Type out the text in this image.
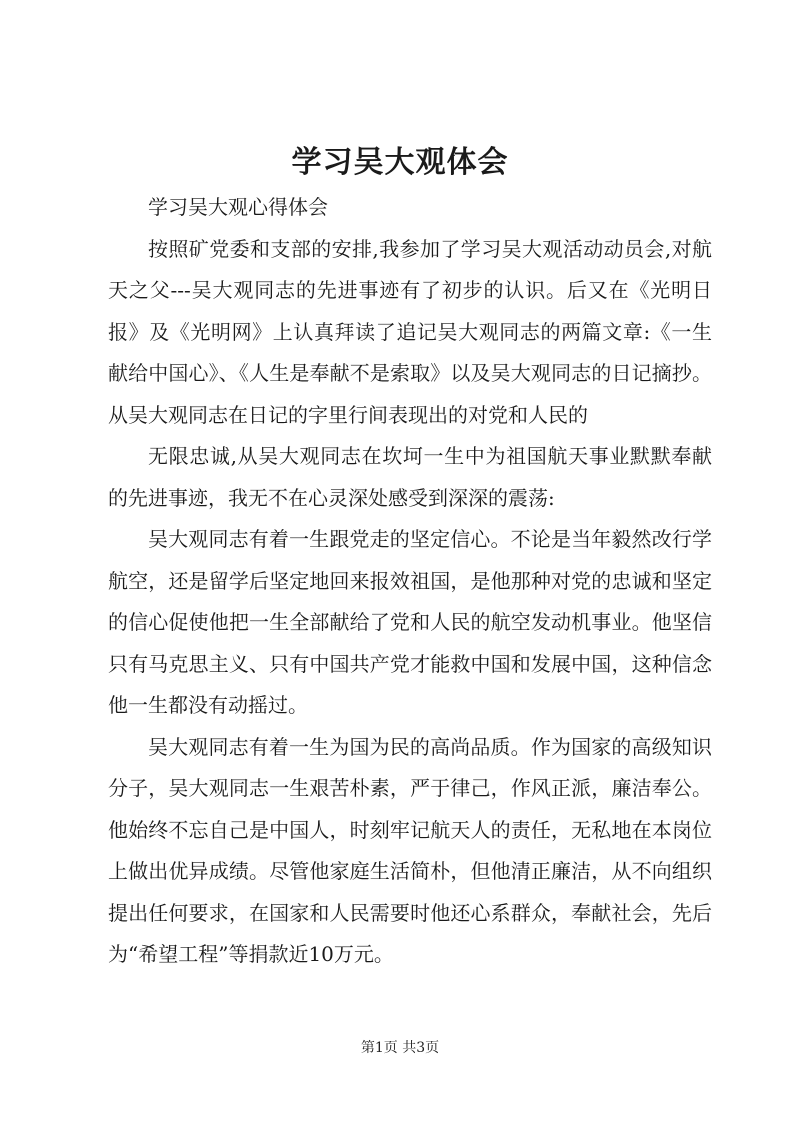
学习吴大观体会

学习吴大观心得体会

按照矿党委和支部的安排,我参加了学习吴大观活动动员会,对航天之父---吴大观同志的先进事迹有了初步的认识。后又在《光明日报》及《光明网》上认真拜读了追记吴大观同志的两篇文章:《一生献给中国心》、《人生是奉献不是索取》以及吴大观同志的日记摘抄。从吴大观同志在日记的字里行间表现出的对党和人民的

无限忠诚,从吴大观同志在坎坷一生中为祖国航天事业默默奉献的先进事迹，我无不在心灵深处感受到深深的震荡:

吴大观同志有着一生跟党走的坚定信心。不论是当年毅然改行学航空，还是留学后坚定地回来报效祖国，是他那种对党的忠诚和坚定的信心促使他把一生全部献给了党和人民的航空发动机事业。他坚信只有马克思主义、只有中国共产党才能救中国和发展中国，这种信念他一生都没有动摇过。

吴大观同志有着一生为国为民的高尚品质。作为国家的高级知识分子，吴大观同志一生艰苦朴素，严于律己，作风正派，廉洁奉公。他始终不忘自己是中国人，时刻牢记航天人的责任，无私地在本岗位上做出优异成绩。尽管他家庭生活简朴，但他清正廉洁，从不向组织提出任何要求，在国家和人民需要时他还心系群众，奉献社会，先后为“希望工程”等捐款近10万元。

第1页 共3页
